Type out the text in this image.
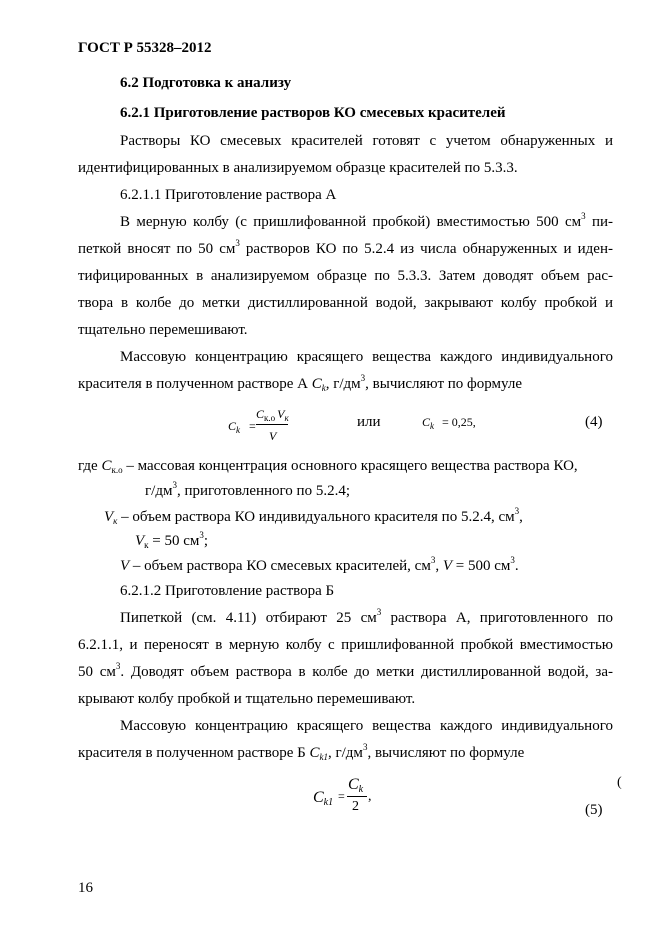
ГОСТ Р 55328–2012
6.2 Подготовка к анализу
6.2.1 Приготовление растворов КО смесевых красителей
Растворы КО смесевых красителей готовят с учетом обнаруженных и
идентифицированных в анализируемом образце красителей по 5.3.3.
6.2.1.1 Приготовление раствора А
В мерную колбу (с пришлифованной пробкой) вместимостью 500 $см^3$ пи-
петкой вносят по 50 $см^3$ растворов КО по 5.2.4 из числа обнаруженных и иден-
тифицированных в анализируемом образце по 5.3.3. Затем доводят объем рас-
твора в колбе до метки дистиллированной водой, закрывают колбу пробкой и
тщательно перемешивают.
Массовую концентрацию красящего вещества каждого индивидуального
красителя в полученном растворе А $C_k$, $г/дм^3$, вычисляют по формуле
$C_k$ =
$C_{к.о}$ $V_к$
V
или	$C_k = 0,25$,	(4)
где $C_{к.о}$ – массовая концентрация основного красящего вещества раствора КО,
$г/дм^3$, приготовленного по 5.2.4;
$V_к$ – объем раствора КО индивидуального красителя по 5.2.4, $см^3$,
$V_к = 50$ $см^3$;
V – объем раствора КО смесевых красителей, $см^3$, V = 500 $см^3$.
6.2.1.2 Приготовление раствора Б
Пипеткой (см. 4.11) отбирают 25 $см^3$ раствора А, приготовленного по
6.2.1.1, и переносят в мерную колбу с пришлифованной пробкой вместимостью
50 $см^3$. Доводят объем раствора в колбе до метки дистиллированной водой, за-
крывают колбу пробкой и тщательно перемешивают.
Массовую концентрацию красящего вещества каждого индивидуального
красителя в полученном растворе Б $C_{k1}$, $г/дм^3$, вычисляют по формуле
$C_{k1}$ =
$C_k$
2
,
(
(5)
16
